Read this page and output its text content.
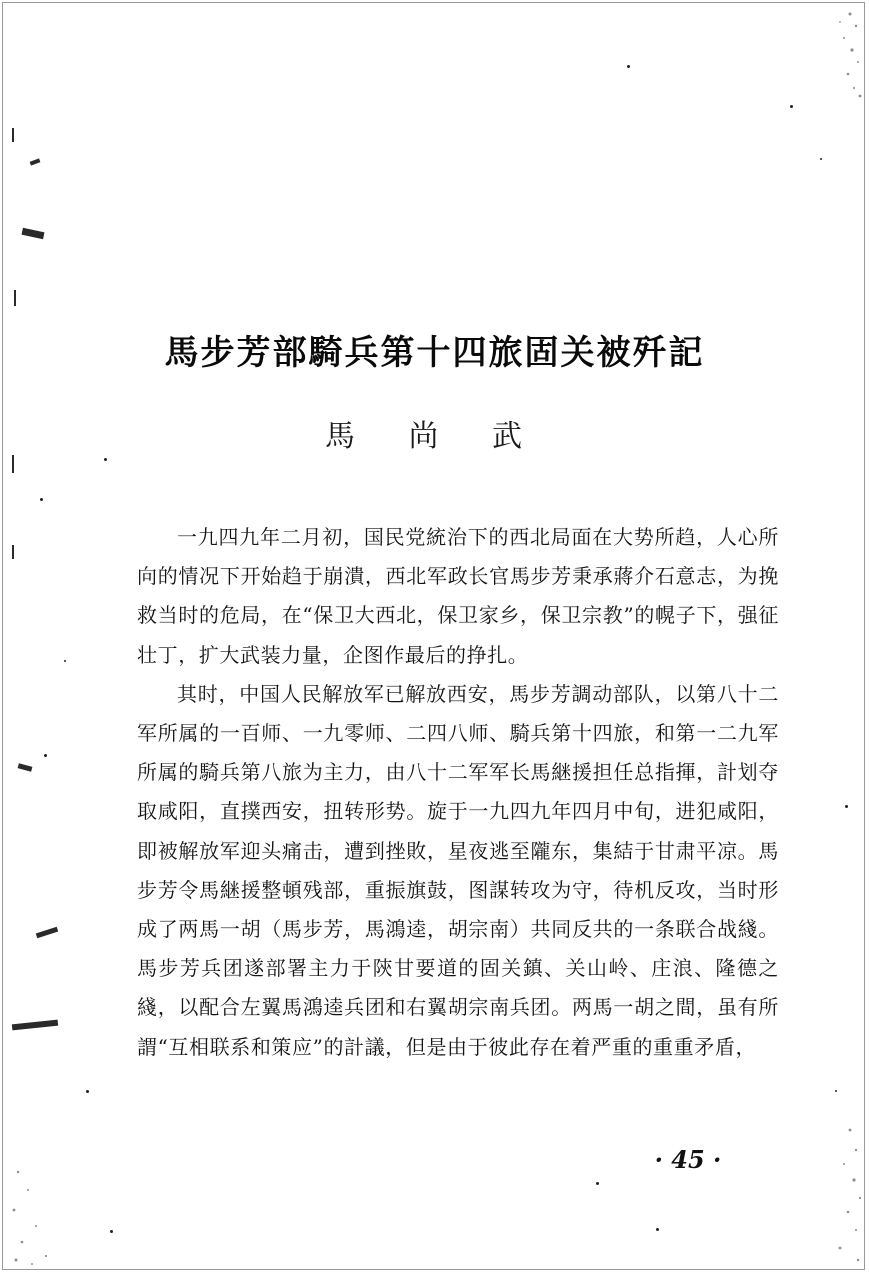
馬步芳部騎兵第十四旅固关被歼記
馬 尚 武

一九四九年二月初，国民党統治下的西北局面在大势所趋，人心所向的情况下开始趋于崩潰，西北军政长官馬步芳秉承蔣介石意志，为挽救当时的危局，在“保卫大西北，保卫家乡，保卫宗教”的幌子下，强征壮丁，扩大武装力量，企图作最后的挣扎。

其时，中国人民解放军已解放西安，馬步芳調动部队，以第八十二军所属的一百师、一九零师、二四八师、騎兵第十四旅，和第一二九军所属的騎兵第八旅为主力，由八十二军军长馬継援担任总指揮，計划夺取咸阳，直撲西安，扭转形势。旋于一九四九年四月中旬，进犯咸阳，即被解放军迎头痛击，遭到挫敗，星夜逃至隴东，集結于甘肃平凉。馬步芳令馬継援整頓残部，重振旗鼓，图謀转攻为守，待机反攻，当时形成了两馬一胡（馬步芳，馬鴻逵，胡宗南）共同反共的一条联合战綫。馬步芳兵团遂部署主力于陝甘要道的固关鎮、关山岭、庄浪、隆德之綫，以配合左翼馬鴻逵兵团和右翼胡宗南兵团。两馬一胡之間，虽有所謂“互相联系和策应”的計議，但是由于彼此存在着严重的重重矛盾，

· 45 ·
